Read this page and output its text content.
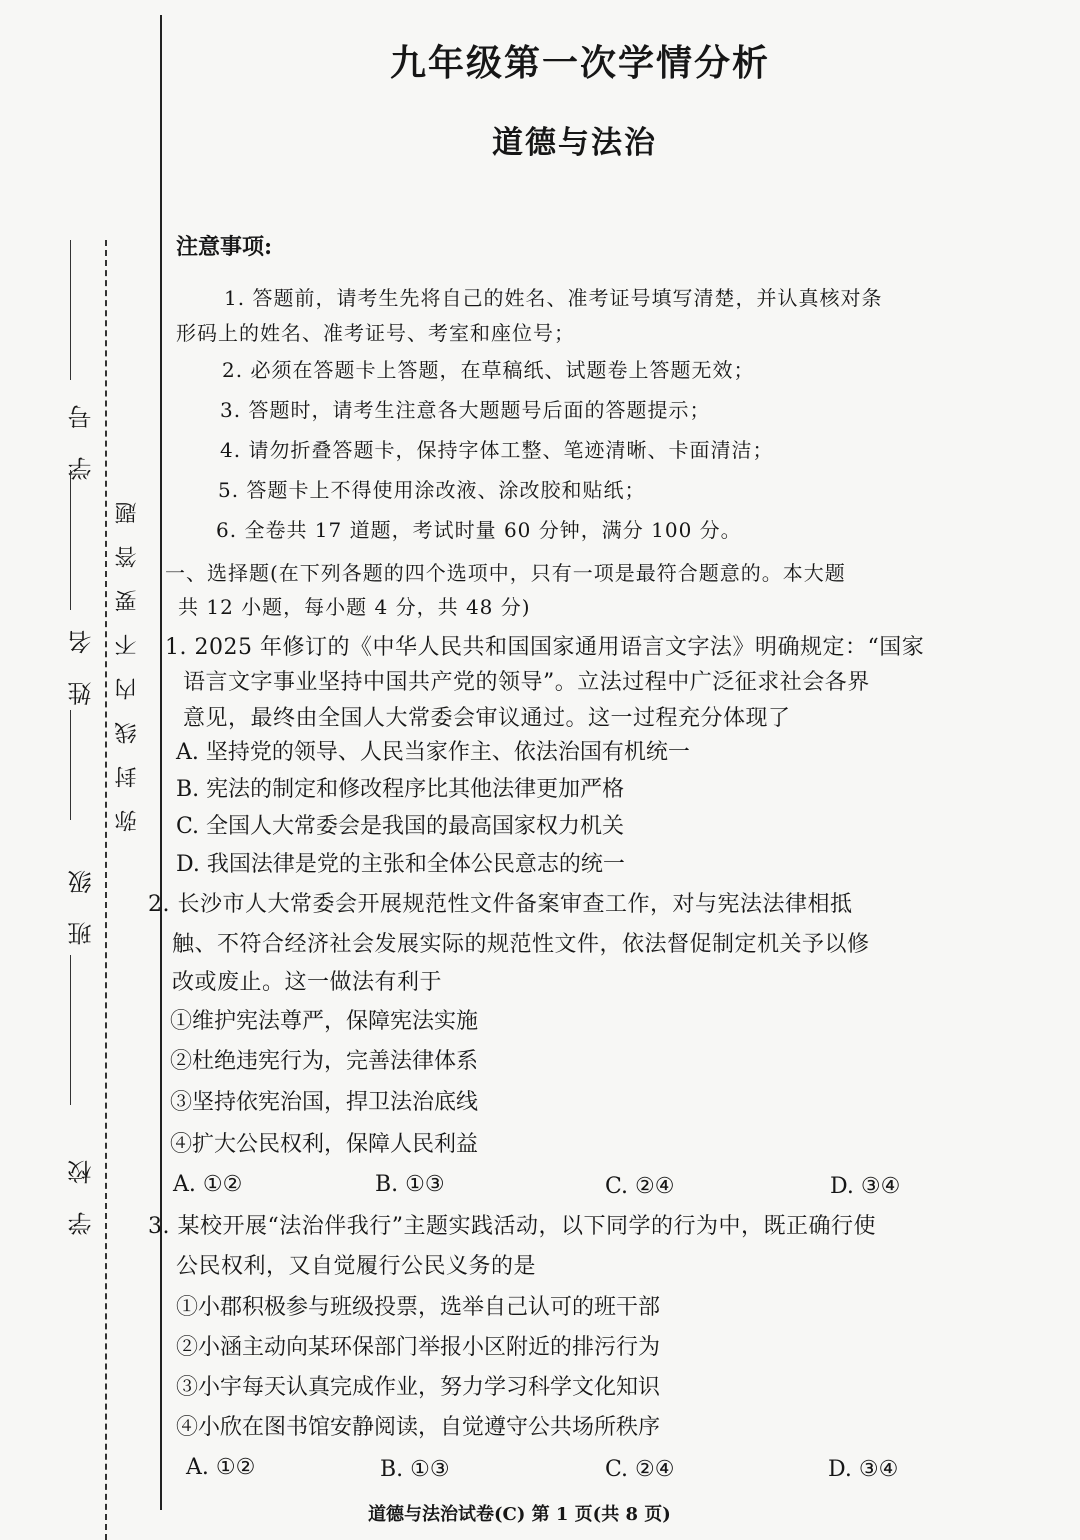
学 号
姓 名
班 级
学 校
弥封线内不要答题
九年级第一次学情分析
道德与法治
注意事项:
1. 答题前，请考生先将自己的姓名、准考证号填写清楚，并认真核对条
形码上的姓名、准考证号、考室和座位号；
2. 必须在答题卡上答题，在草稿纸、试题卷上答题无效；
3. 答题时，请考生注意各大题题号后面的答题提示；
4. 请勿折叠答题卡，保持字体工整、笔迹清晰、卡面清洁；
5. 答题卡上不得使用涂改液、涂改胶和贴纸；
6. 全卷共 17 道题，考试时量 60 分钟，满分 100 分。
一、选择题(在下列各题的四个选项中，只有一项是最符合题意的。本大题
共 12 小题，每小题 4 分，共 48 分)
1. 2025 年修订的《中华人民共和国国家通用语言文字法》明确规定：“国家
语言文字事业坚持中国共产党的领导”。立法过程中广泛征求社会各界
意见，最终由全国人大常委会审议通过。这一过程充分体现了
A. 坚持党的领导、人民当家作主、依法治国有机统一
B. 宪法的制定和修改程序比其他法律更加严格
C. 全国人大常委会是我国的最高国家权力机关
D. 我国法律是党的主张和全体公民意志的统一
2. 长沙市人大常委会开展规范性文件备案审查工作，对与宪法法律相抵
触、不符合经济社会发展实际的规范性文件，依法督促制定机关予以修
改或废止。这一做法有利于
①维护宪法尊严，保障宪法实施
②杜绝违宪行为，完善法律体系
③坚持依宪治国，捍卫法治底线
④扩大公民权利，保障人民利益
A. ①②	B. ①③	C. ②④	D. ③④
3. 某校开展“法治伴我行”主题实践活动，以下同学的行为中，既正确行使
公民权利，又自觉履行公民义务的是
①小郡积极参与班级投票，选举自己认可的班干部
②小涵主动向某环保部门举报小区附近的排污行为
③小宇每天认真完成作业，努力学习科学文化知识
④小欣在图书馆安静阅读，自觉遵守公共场所秩序
A. ①②	B. ①③	C. ②④	D. ③④
道德与法治试卷(C) 第 1 页(共 8 页)
